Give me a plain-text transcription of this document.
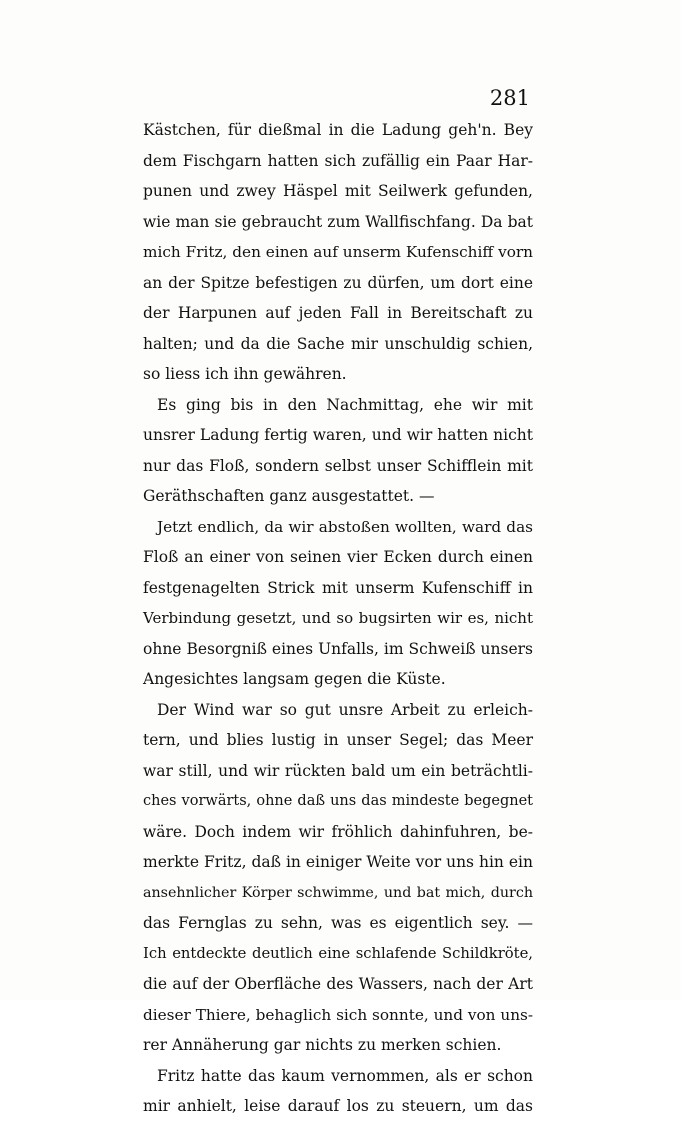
281
Kästchen, für dießmal in die Ladung geh'n. Bey
dem Fischgarn hatten sich zufällig ein Paar Har-
punen und zwey Häspel mit Seilwerk gefunden,
wie man sie gebraucht zum Wallfischfang. Da bat
mich Fritz, den einen auf unserm Kufenschiff vorn
an der Spitze befestigen zu dürfen, um dort eine
der Harpunen auf jeden Fall in Bereitschaft zu
halten; und da die Sache mir unschuldig schien,
so liess ich ihn gewähren.
Es ging bis in den Nachmittag, ehe wir mit
unsrer Ladung fertig waren, und wir hatten nicht
nur das Floß, sondern selbst unser Schifflein mit
Geräthschaften ganz ausgestattet. —
Jetzt endlich, da wir abstoßen wollten, ward das
Floß an einer von seinen vier Ecken durch einen
festgenagelten Strick mit unserm Kufenschiff in
Verbindung gesetzt, und so bugsirten wir es, nicht
ohne Besorgniß eines Unfalls, im Schweiß unsers
Angesichtes langsam gegen die Küste.
Der Wind war so gut unsre Arbeit zu erleich-
tern, und blies lustig in unser Segel; das Meer
war still, und wir rückten bald um ein beträchtli-
ches vorwärts, ohne daß uns das mindeste begegnet
wäre. Doch indem wir fröhlich dahinfuhren, be-
merkte Fritz, daß in einiger Weite vor uns hin ein
ansehnlicher Körper schwimme, und bat mich, durch
das Fernglas zu sehn, was es eigentlich sey. —
Ich entdeckte deutlich eine schlafende Schildkröte,
die auf der Oberfläche des Wassers, nach der Art
dieser Thiere, behaglich sich sonnte, und von uns-
rer Annäherung gar nichts zu merken schien.
Fritz hatte das kaum vernommen, als er schon
mir anhielt, leise darauf los zu steuern, um das
